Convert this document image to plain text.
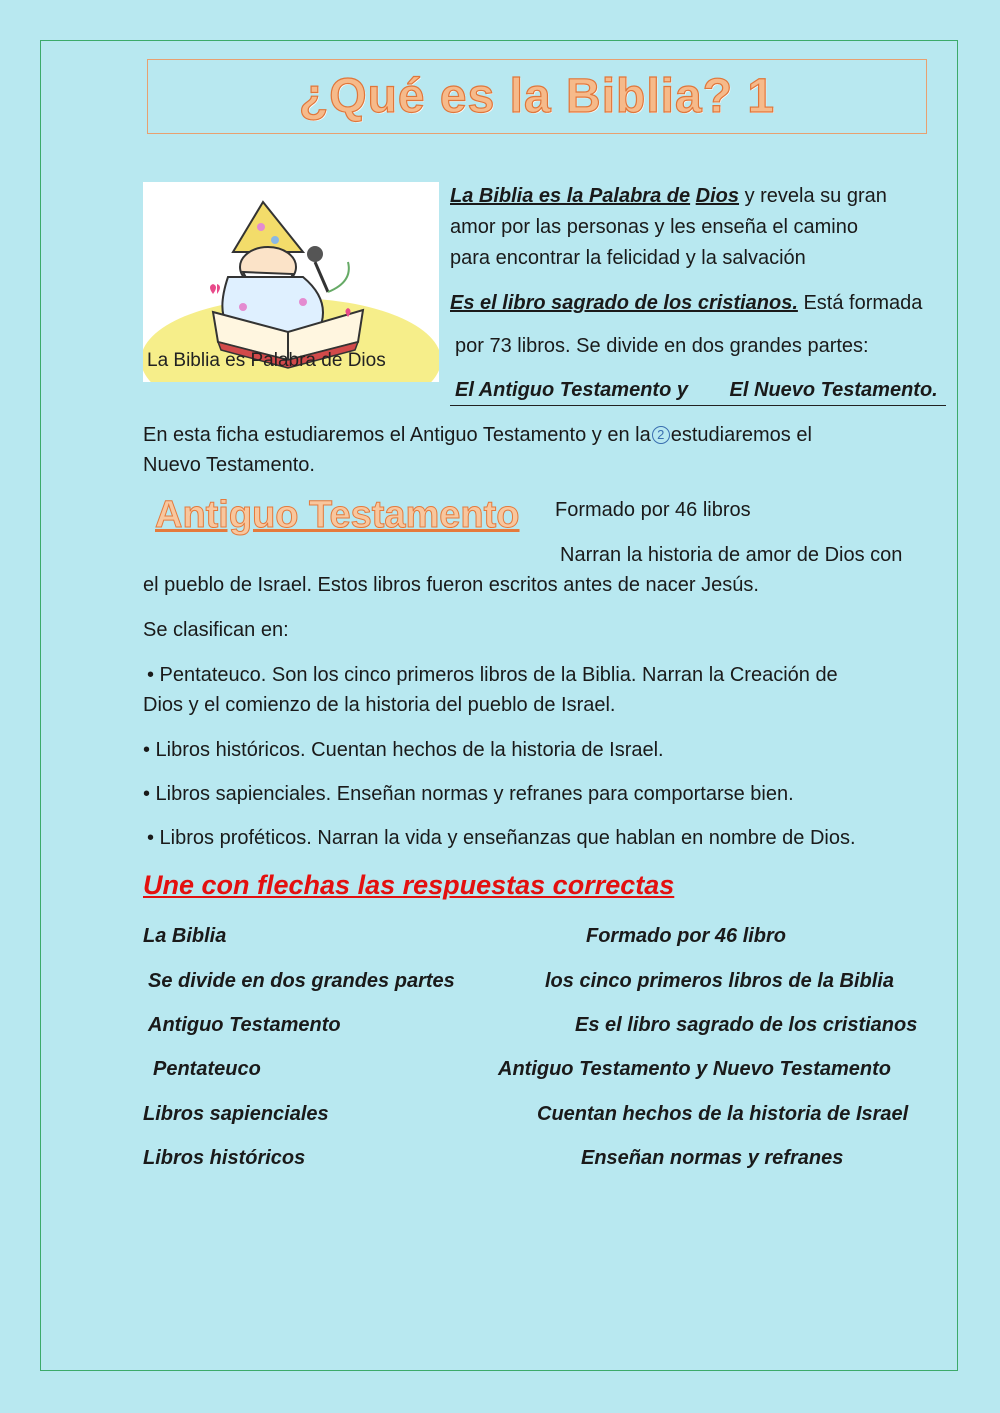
¿Qué es la Biblia? 1
La Biblia es Palabra de Dios
La Biblia es la Palabra de Dios y revela su gran
amor por las personas y les enseña el camino
para encontrar la felicidad y la salvación
Es el libro sagrado de los cristianos. Está formada
por 73 libros. Se divide en dos grandes partes:
El Antiguo Testamento y El Nuevo Testamento.
En esta ficha estudiaremos el Antiguo Testamento y en la 2 estudiaremos el
Nuevo Testamento.
Antiguo Testamento Formado por 46 libros
Narran la historia de amor de Dios con
el pueblo de Israel. Estos libros fueron escritos antes de nacer Jesús.
Se clasifican en:
• Pentateuco. Son los cinco primeros libros de la Biblia. Narran la Creación de
Dios y el comienzo de la historia del pueblo de Israel.
• Libros históricos. Cuentan hechos de la historia de Israel.
• Libros sapienciales. Enseñan normas y refranes para comportarse bien.
• Libros proféticos. Narran la vida y enseñanzas que hablan en nombre de Dios.
Une con flechas las respuestas correctas
La Biblia
Se divide en dos grandes partes
Antiguo Testamento
Pentateuco
Libros sapienciales
Libros históricos
Formado por 46 libro
los cinco primeros libros de la Biblia
Es el libro sagrado de los cristianos
Antiguo Testamento y Nuevo Testamento
Cuentan hechos de la historia de Israel
Enseñan normas y refranes
